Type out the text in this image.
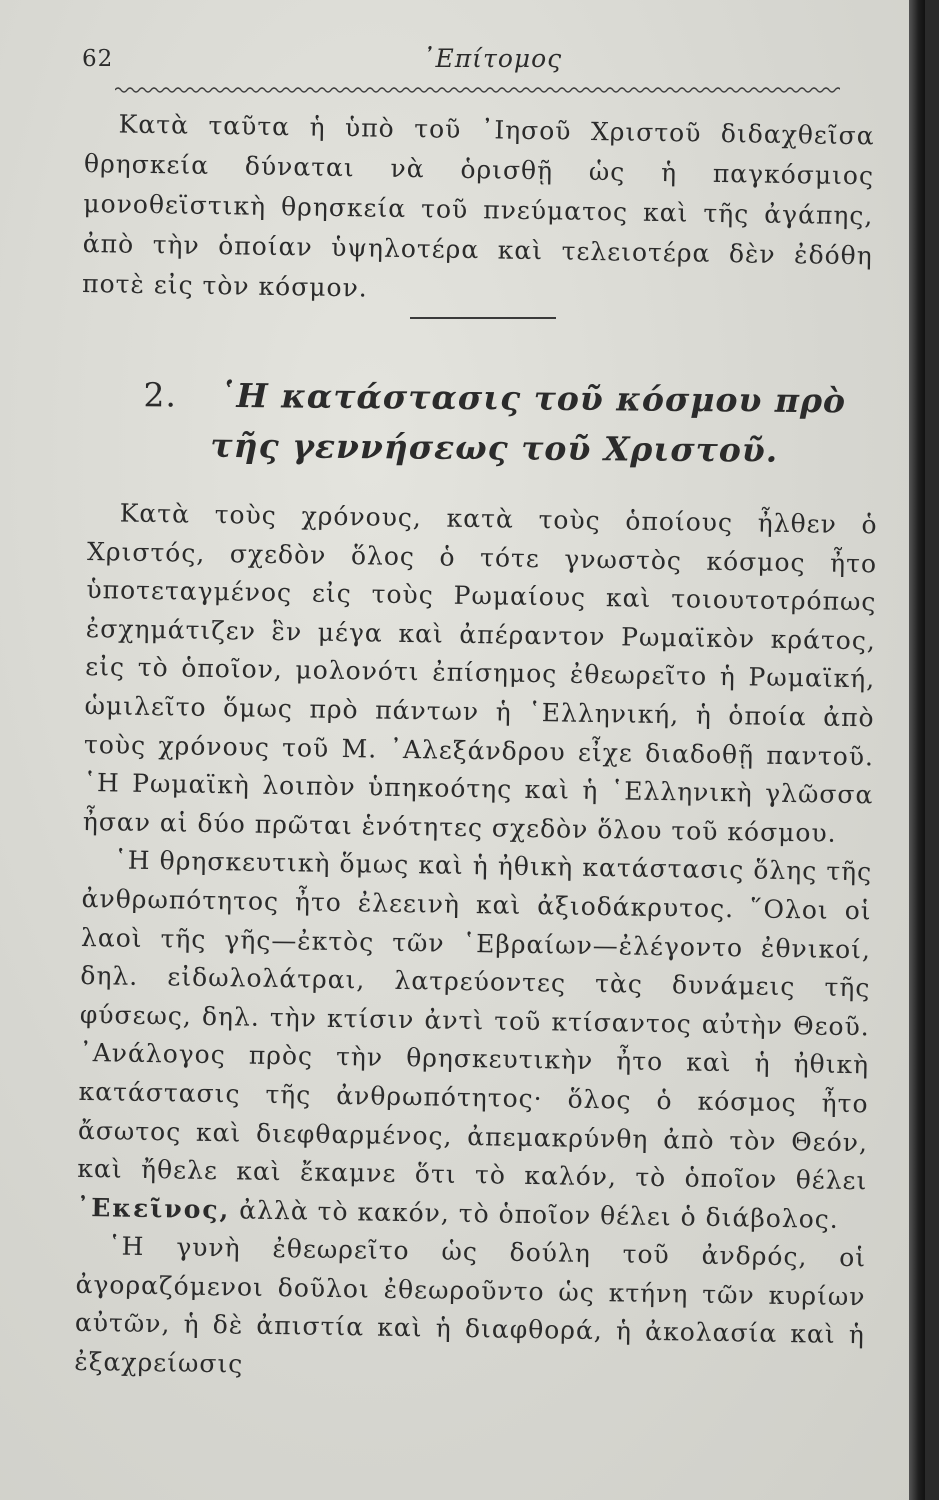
62	᾿Επίτομος
Κατὰ ταῦτα ἡ ὑπὸ τοῦ ᾿Ιησοῦ Χριστοῦ διδαχθεῖσα θρησκεία δύναται νὰ ὁρισθῇ ὡς ἡ παγκόσμιος μονοθεϊστικὴ θρησκεία τοῦ πνεύματος καὶ τῆς ἀγάπης, ἀπὸ τὴν ὁποίαν ὑψηλοτέρα καὶ τελειοτέρα δὲν ἐδόθη ποτὲ εἰς τὸν κόσμον.
2. ῾Η κατάστασις τοῦ κόσμου πρὸ τῆς γεννήσεως τοῦ Χριστοῦ.

Κατὰ τοὺς χρόνους, κατὰ τοὺς ὁποίους ἦλθεν ὁ Χριστός, σχεδὸν ὅλος ὁ τότε γνωστὸς κόσμος ἦτο ὑποτεταγμένος εἰς τοὺς Ρωμαίους καὶ τοιουτοτρόπως ἐσχημάτιζεν ἓν μέγα καὶ ἀπέραντον Ρωμαϊκὸν κράτος, εἰς τὸ ὁποῖον, μολονότι ἐπίσημος ἐθεωρεῖτο ἡ Ρωμαϊκή, ὡμιλεῖτο ὅμως πρὸ πάντων ἡ ῾Ελληνική, ἡ ὁποία ἀπὸ τοὺς χρόνους τοῦ Μ. ᾿Αλεξάνδρου εἶχε διαδοθῇ παντοῦ. ῾Η Ρωμαϊκὴ λοιπὸν ὑπηκοότης καὶ ἡ ῾Ελληνικὴ γλῶσσα ἦσαν αἱ δύο πρῶται ἑνότητες σχεδὸν ὅλου τοῦ κόσμου.

῾Η θρησκευτικὴ ὅμως καὶ ἡ ἠθικὴ κατάστασις ὅλης τῆς ἀνθρωπότητος ἦτο ἐλεεινὴ καὶ ἀξιοδάκρυτος. ῞Ολοι οἱ λαοὶ τῆς γῆς—ἐκτὸς τῶν ῾Εβραίων—ἐλέγοντο ἐθνικοί, δηλ. εἰδωλολάτραι, λατρεύοντες τὰς δυνάμεις τῆς φύσεως, δηλ. τὴν κτίσιν ἀντὶ τοῦ κτίσαντος αὐτὴν Θεοῦ. ᾿Ανάλογος πρὸς τὴν θρησκευτικὴν ἦτο καὶ ἡ ἠθικὴ κατάστασις τῆς ἀνθρωπότητος· ὅλος ὁ κόσμος ἦτο ἄσωτος καὶ διεφθαρμένος, ἀπεμακρύνθη ἀπὸ τὸν Θεόν, καὶ ἤθελε καὶ ἔκαμνε ὅτι τὸ καλόν, τὸ ὁποῖον θέλει ᾿Εκεῖνος, ἀλλὰ τὸ κακόν, τὸ ὁποῖον θέλει ὁ διάβολος.

῾Η γυνὴ ἐθεωρεῖτο ὡς δούλη τοῦ ἀνδρός, οἱ ἀγοραζόμενοι δοῦλοι ἐθεωροῦντο ὡς κτήνη τῶν κυρίων αὐτῶν, ἡ δὲ ἀπιστία καὶ ἡ διαφθορά, ἡ ἀκολασία καὶ ἡ ἐξαχρείωσις
